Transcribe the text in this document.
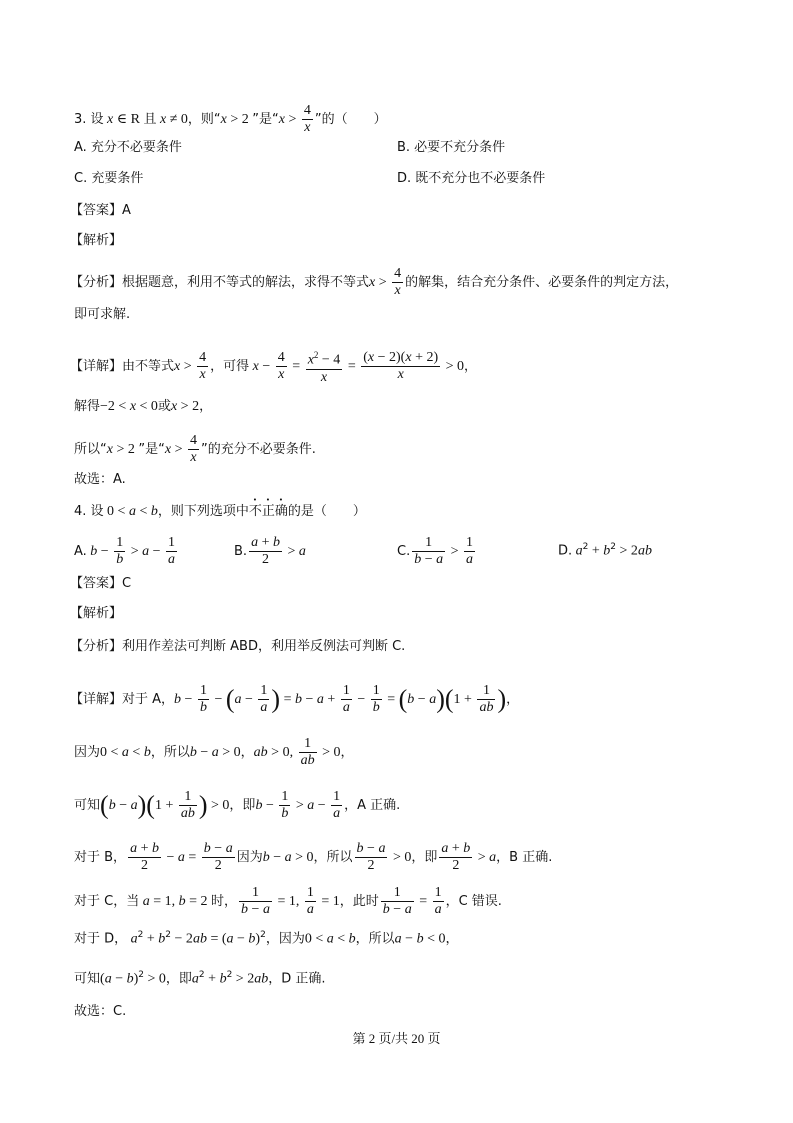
3. 设 x ∈ R 且 x ≠ 0，则“x > 2 ”是“$x > \frac{4}{x}$ ”的（　　）
A. 充分不必要条件	B. 必要不充分条件
C. 充要条件	D. 既不充分也不必要条件
【答案】A
【解析】
【分析】根据题意，利用不等式的解法，求得不等式$x > \frac{4}{x}$ 的解集，结合充分条件、必要条件的判定方法，
即可求解.
【详解】由不等式$x > \frac{4}{x}$ ，可得 $x - \frac{4}{x} = \frac{x^2 - 4}{x} = \frac{(x - 2)(x + 2)}{x} > 0$，
解得−2 < x < 0或x > 2，
所以“x > 2 ”是“$x > \frac{4}{x}$ ”的充分不必要条件.
故选：A.
4. 设 0 < a < b，则下列选项中不正确的是（　　）
A. $b - \frac{1}{b} > a - \frac{1}{a}$	B. $\frac{a + b}{2} > a$	C. $\frac{1}{b - a} > \frac{1}{a}$	D. $a^2 + b^2 > 2ab$
【答案】C
【解析】
【分析】利用作差法可判断 ABD，利用举反例法可判断 C.
【详解】对于 A，$b - \frac{1}{b} - (a - \frac{1}{a}$ ) = $b - a + \frac{1}{a} - \frac{1}{b} = (b - a)(1 + \frac{1}{ab}$ )，
因为0 < a < b，所以b − a > 0，ab > 0, $\frac{1}{ab} > 0$，
可知$(b - a)(1 + \frac{1}{ab}$ ) > 0，即$b - \frac{1}{b} > a - \frac{1}{a}$ ，A 正确.
对于 B， $\frac{a + b}{2} - a = \frac{b - a}{2}$ 因为b − a > 0，所以 $\frac{b - a}{2} > 0$，即 $\frac{a + b}{2} > a$，B 正确.
对于 C，当 a = 1, b = 2 时， $\frac{1}{b - a} = 1$, $\frac{1}{a} = 1$，此时 $\frac{1}{b - a} = \frac{1}{a}$ ，C 错误.
对于 D， $a^2 + b^2 - 2ab = (a - b)^2$，因为0 < a < b，所以a − b < 0，
可知$(a - b)^2 > 0$，即$a^2 + b^2 > 2ab$，D 正确.
故选：C.
第 2 页/共 20 页
